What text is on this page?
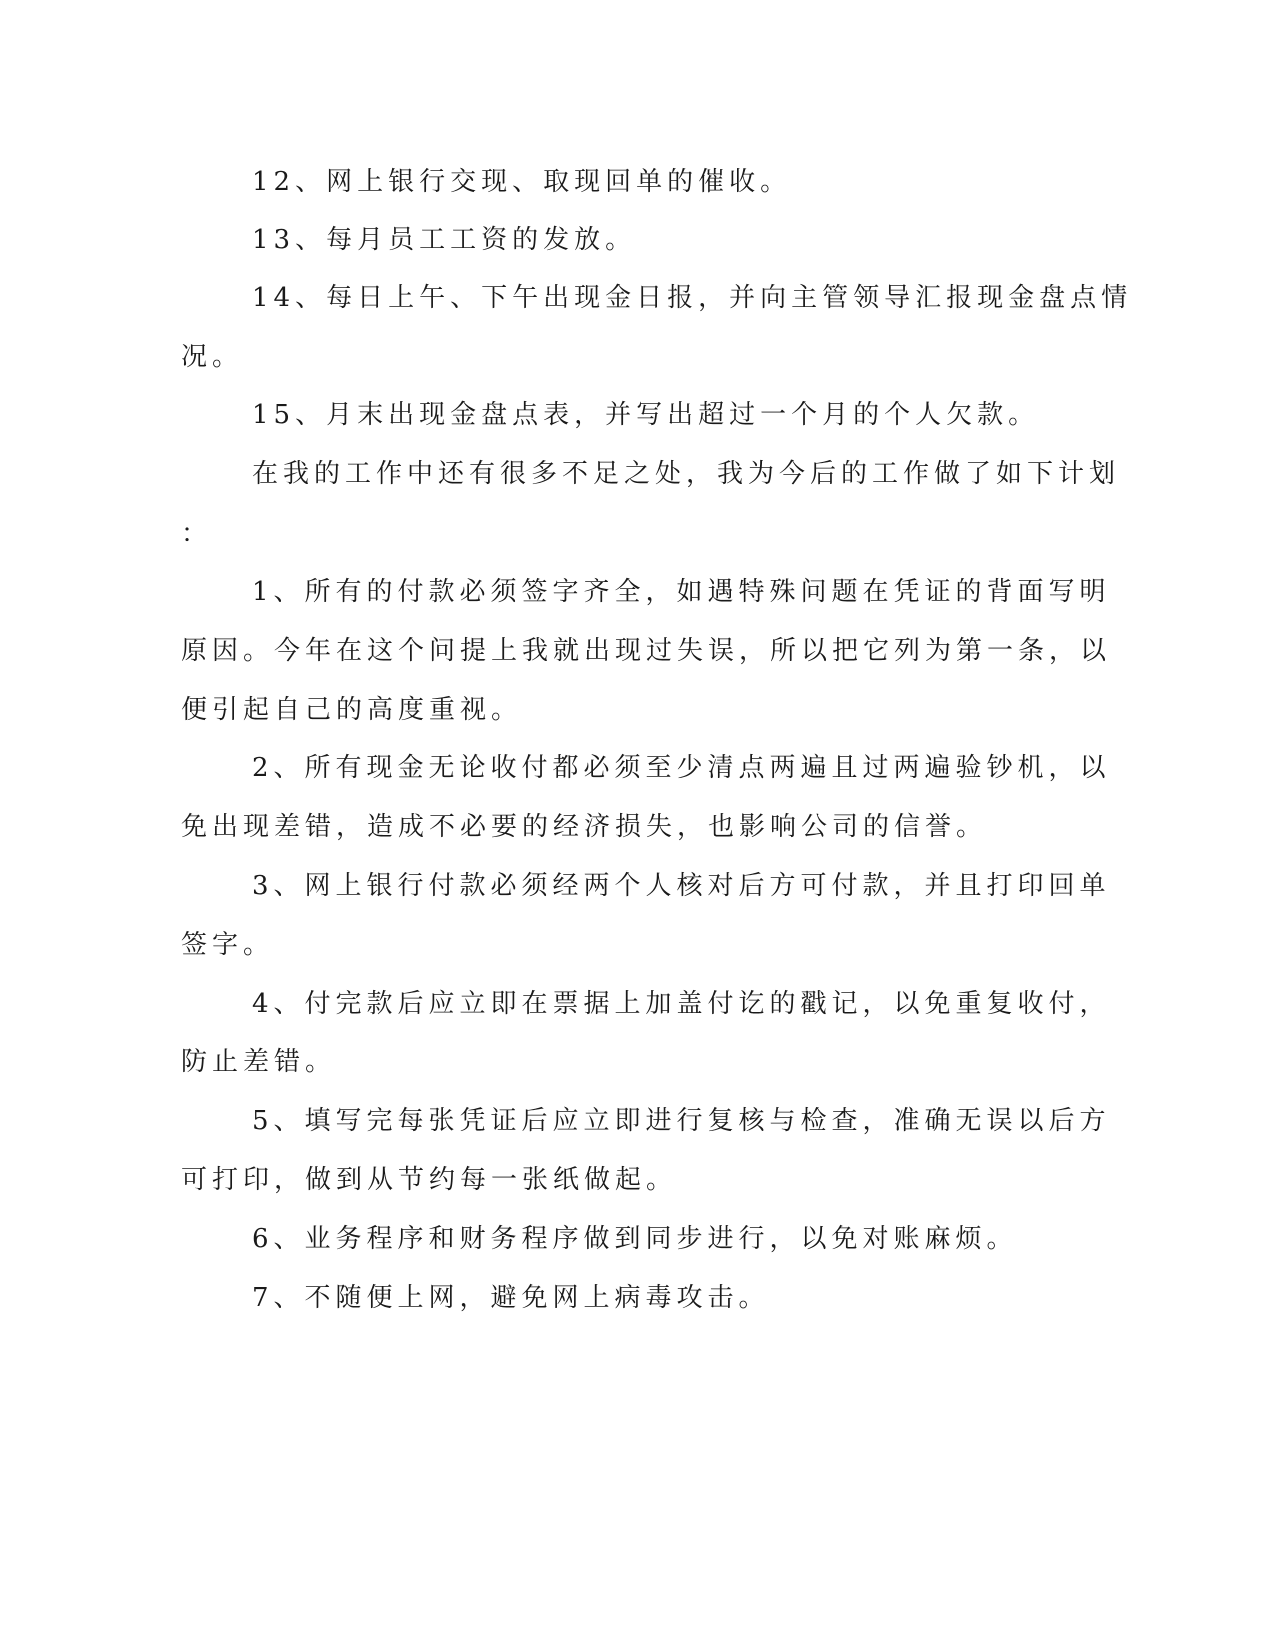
12、网上银行交现、取现回单的催收。
13、每月员工工资的发放。
14、每日上午、下午出现金日报，并向主管领导汇报现金盘点情
况。
15、月末出现金盘点表，并写出超过一个月的个人欠款。
在我的工作中还有很多不足之处，我为今后的工作做了如下计划
：
1、所有的付款必须签字齐全，如遇特殊问题在凭证的背面写明
原因。今年在这个问提上我就出现过失误，所以把它列为第一条，以
便引起自己的高度重视。
2、所有现金无论收付都必须至少清点两遍且过两遍验钞机，以
免出现差错，造成不必要的经济损失，也影响公司的信誉。
3、网上银行付款必须经两个人核对后方可付款，并且打印回单
签字。
4、付完款后应立即在票据上加盖付讫的戳记，以免重复收付，
防止差错。
5、填写完每张凭证后应立即进行复核与检查，准确无误以后方
可打印，做到从节约每一张纸做起。
6、业务程序和财务程序做到同步进行，以免对账麻烦。
7、不随便上网，避免网上病毒攻击。
